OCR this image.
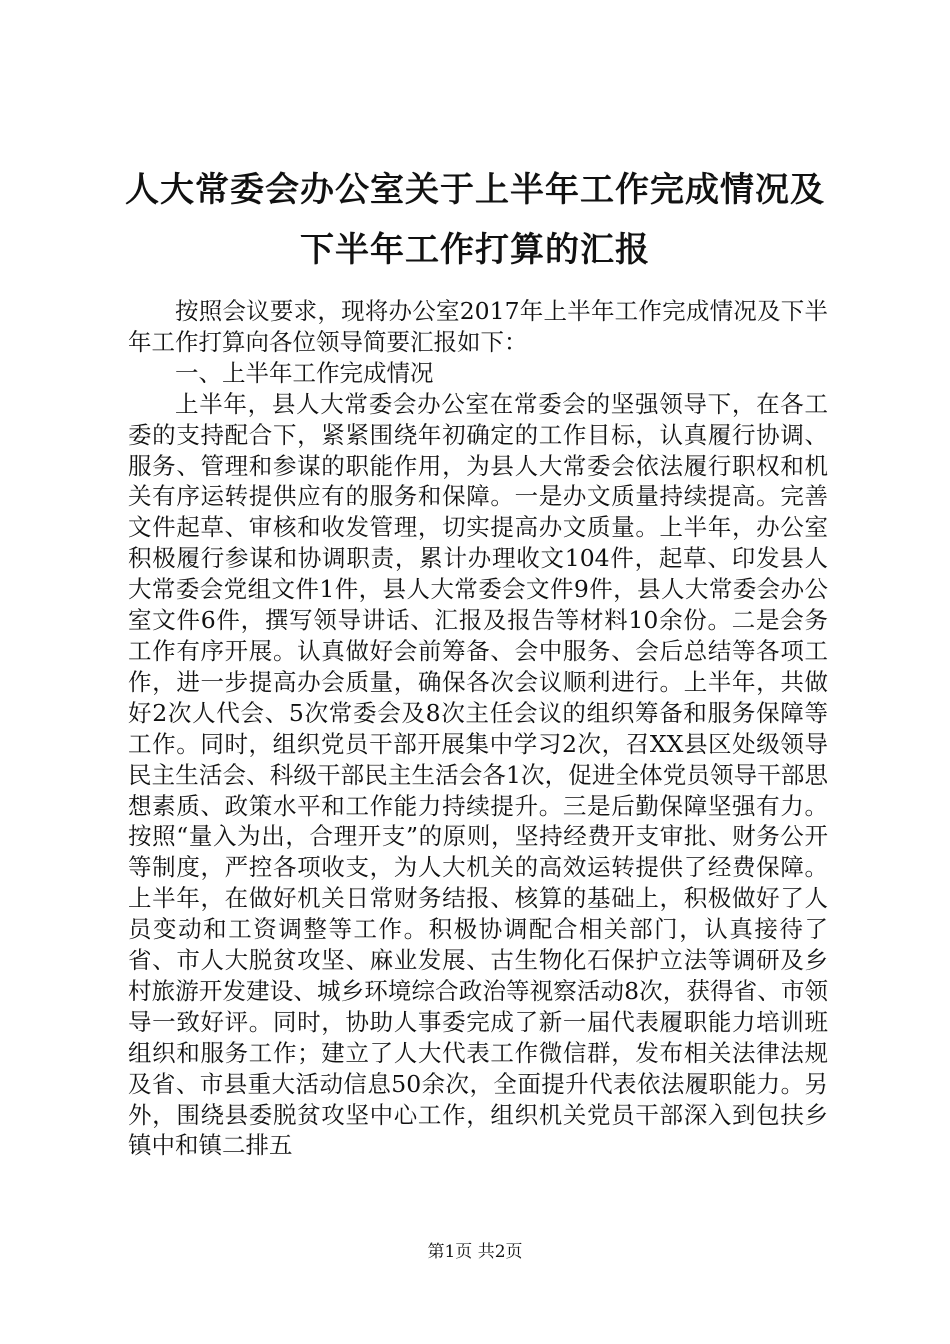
人大常委会办公室关于上半年工作完成情况及
下半年工作打算的汇报

按照会议要求，现将办公室2017年上半年工作完成情况及下半年工作打算向各位领导简要汇报如下：

一、上半年工作完成情况

上半年，县人大常委会办公室在常委会的坚强领导下，在各工委的支持配合下，紧紧围绕年初确定的工作目标，认真履行协调、服务、管理和参谋的职能作用，为县人大常委会依法履行职权和机关有序运转提供应有的服务和保障。一是办文质量持续提高。完善文件起草、审核和收发管理，切实提高办文质量。上半年，办公室积极履行参谋和协调职责，累计办理收文104件，起草、印发县人大常委会党组文件1件，县人大常委会文件9件，县人大常委会办公室文件6件，撰写领导讲话、汇报及报告等材料10余份。二是会务工作有序开展。认真做好会前筹备、会中服务、会后总结等各项工作，进一步提高办会质量，确保各次会议顺利进行。上半年，共做好2次人代会、5次常委会及8次主任会议的组织筹备和服务保障等工作。同时，组织党员干部开展集中学习2次，召XX县区处级领导民主生活会、科级干部民主生活会各1次，促进全体党员领导干部思想素质、政策水平和工作能力持续提升。三是后勤保障坚强有力。按照“量入为出，合理开支”的原则，坚持经费开支审批、财务公开等制度，严控各项收支，为人大机关的高效运转提供了经费保障。上半年，在做好机关日常财务结报、核算的基础上，积极做好了人员变动和工资调整等工作。积极协调配合相关部门，认真接待了省、市人大脱贫攻坚、麻业发展、古生物化石保护立法等调研及乡村旅游开发建设、城乡环境综合政治等视察活动8次，获得省、市领导一致好评。同时，协助人事委完成了新一届代表履职能力培训班组织和服务工作；建立了人大代表工作微信群，发布相关法律法规及省、市县重大活动信息50余次，全面提升代表依法履职能力。另外，围绕县委脱贫攻坚中心工作，组织机关党员干部深入到包扶乡镇中和镇二排五

第1页 共2页
